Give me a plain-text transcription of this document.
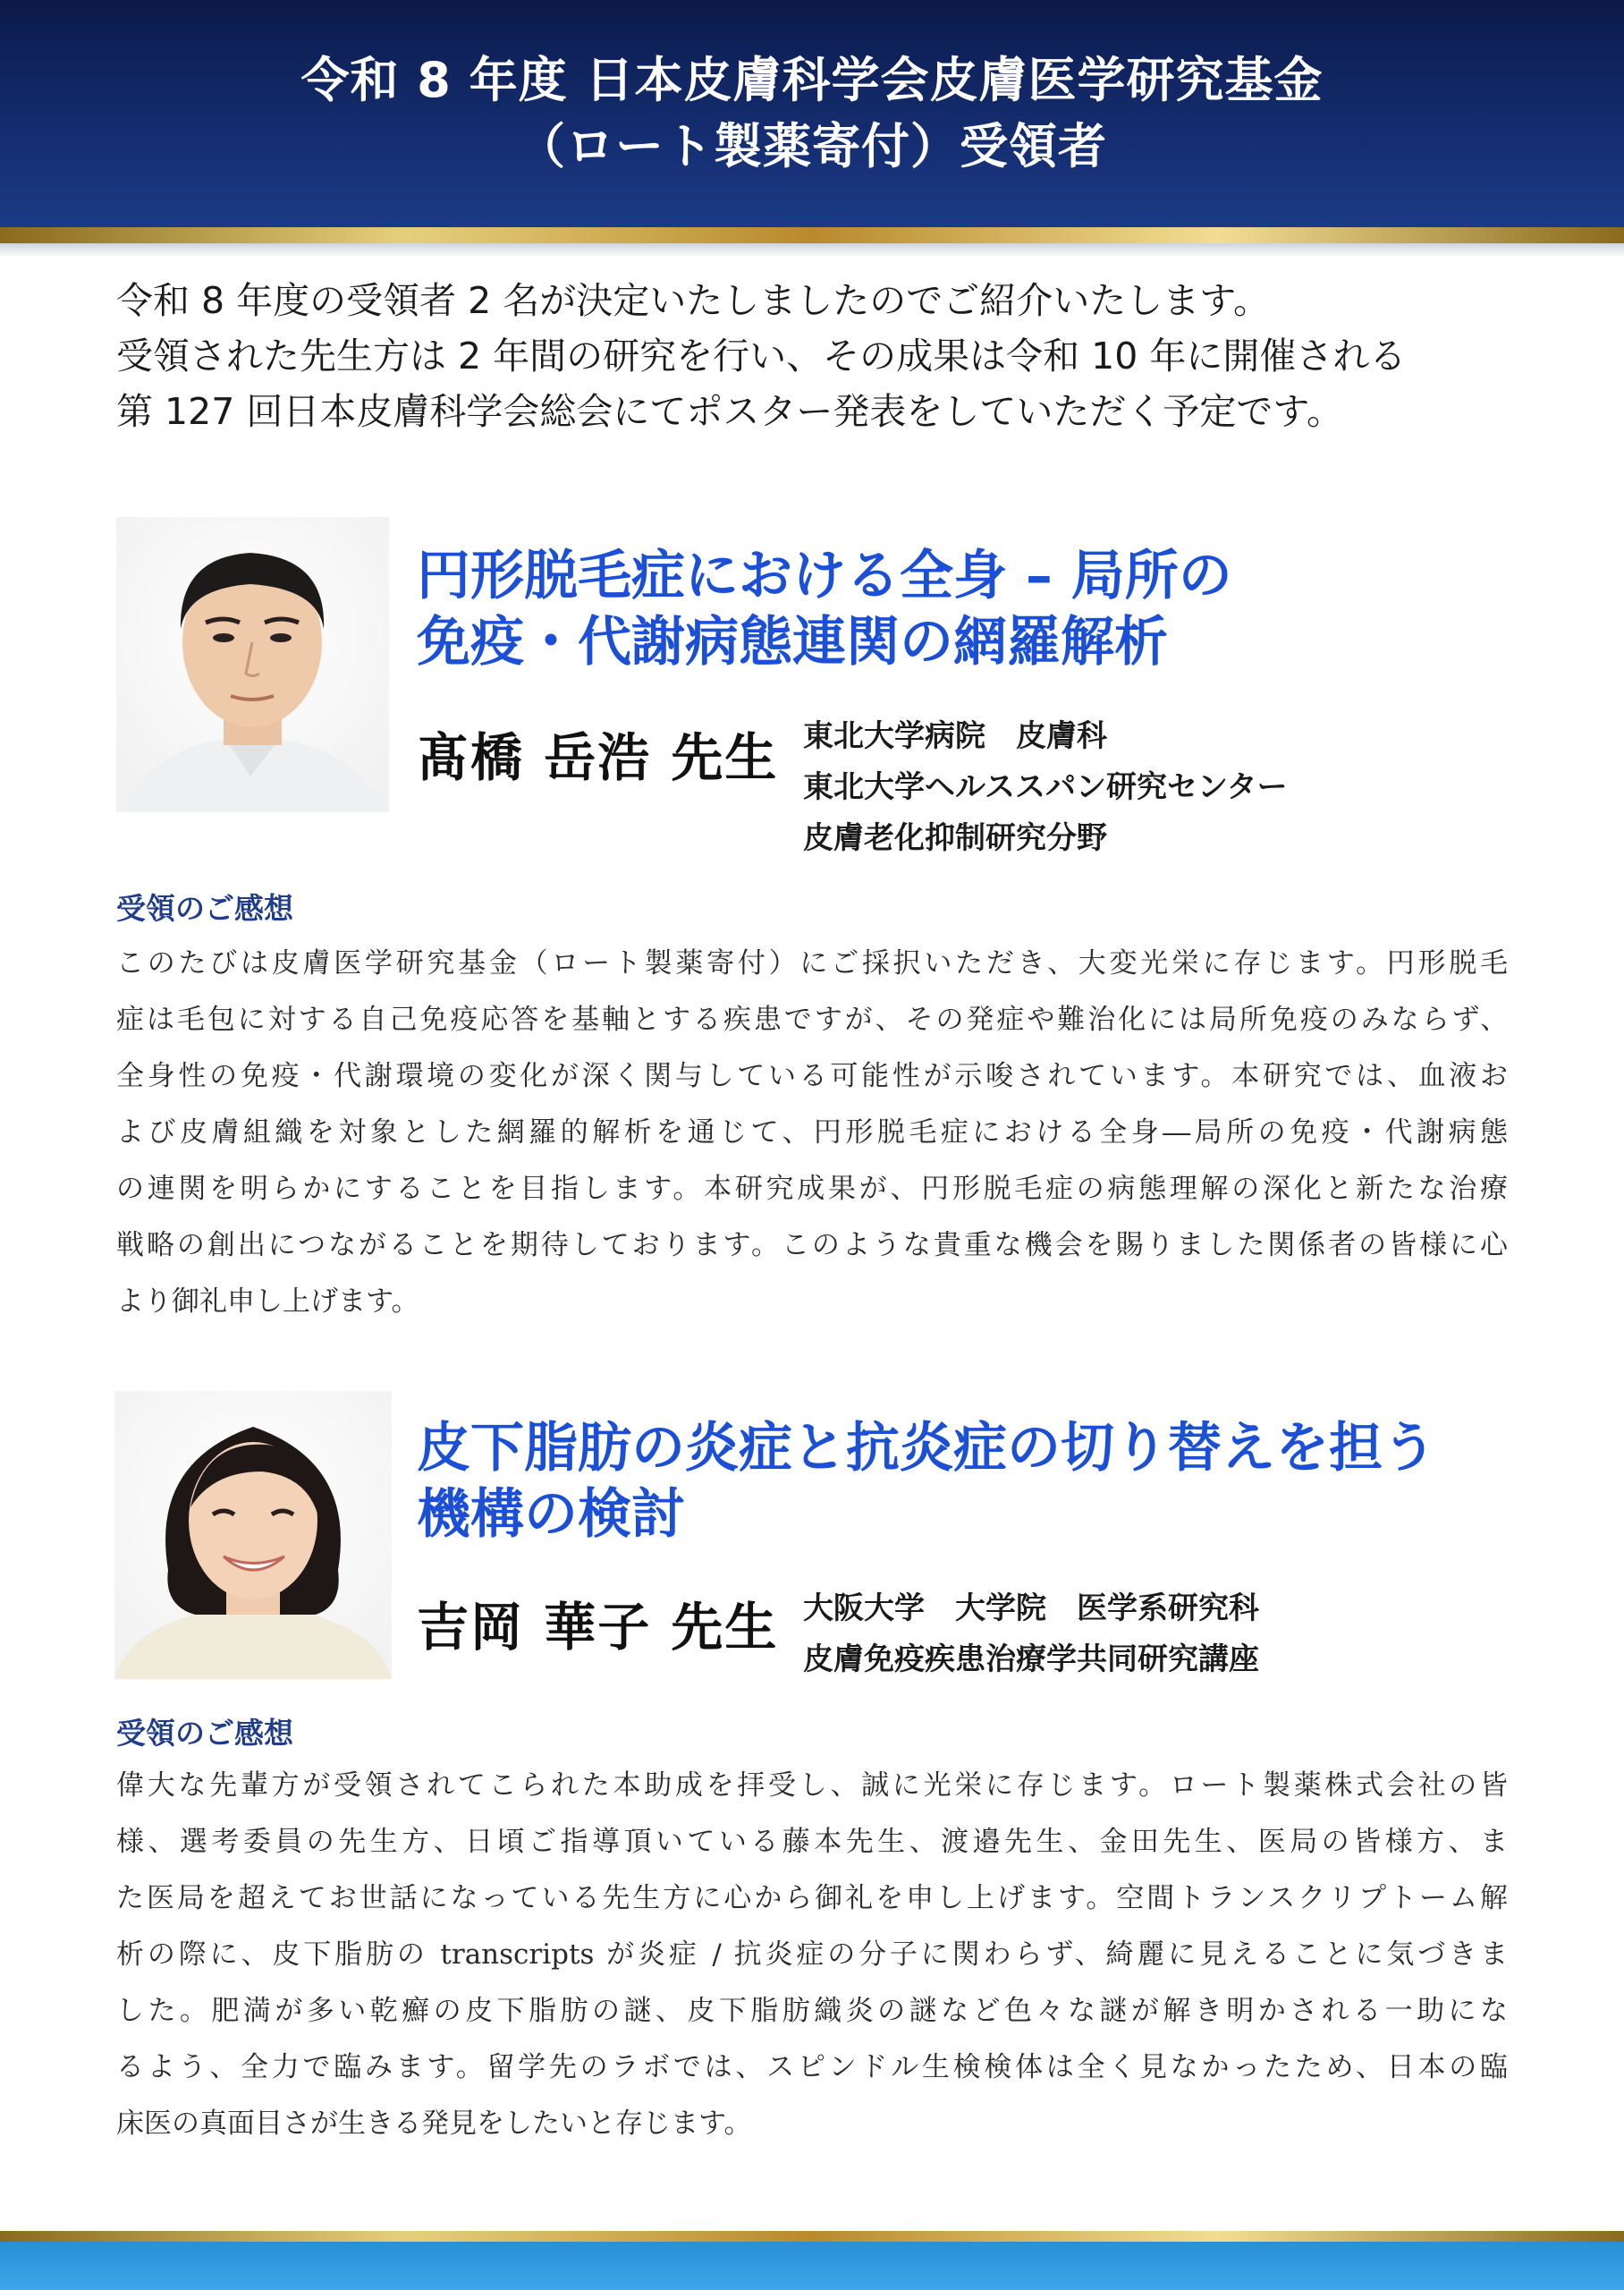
令和 8 年度 日本皮膚科学会皮膚医学研究基金
（ロート製薬寄付）受領者
令和 8 年度の受領者 2 名が決定いたしましたのでご紹介いたします。
受領された先生方は 2 年間の研究を行い、その成果は令和 10 年に開催される
第 127 回日本皮膚科学会総会にてポスター発表をしていただく予定です。
円形脱毛症における全身 – 局所の
免疫・代謝病態連関の網羅解析
髙橋 岳浩 先生 東北大学病院　皮膚科
東北大学ヘルススパン研究センター
皮膚老化抑制研究分野
受領のご感想
このたびは皮膚医学研究基金（ロート製薬寄付）にご採択いただき、大変光栄に存じます。円形脱毛
症は毛包に対する自己免疫応答を基軸とする疾患ですが、その発症や難治化には局所免疫のみならず、
全身性の免疫・代謝環境の変化が深く関与している可能性が示唆されています。本研究では、血液お
よび皮膚組織を対象とした網羅的解析を通じて、円形脱毛症における全身―局所の免疫・代謝病態
の連関を明らかにすることを目指します。本研究成果が、円形脱毛症の病態理解の深化と新たな治療
戦略の創出につながることを期待しております。このような貴重な機会を賜りました関係者の皆様に心
より御礼申し上げます。
皮下脂肪の炎症と抗炎症の切り替えを担う
機構の検討
吉岡 華子 先生 大阪大学　大学院　医学系研究科
皮膚免疫疾患治療学共同研究講座
受領のご感想
偉大な先輩方が受領されてこられた本助成を拝受し、誠に光栄に存じます。ロート製薬株式会社の皆
様、選考委員の先生方、日頃ご指導頂いている藤本先生、渡邉先生、金田先生、医局の皆様方、ま
た医局を超えてお世話になっている先生方に心から御礼を申し上げます。空間トランスクリプトーム解
析の際に、皮下脂肪の transcripts が炎症 / 抗炎症の分子に関わらず、綺麗に見えることに気づきま
した。肥満が多い乾癬の皮下脂肪の謎、皮下脂肪織炎の謎など色々な謎が解き明かされる一助にな
るよう、全力で臨みます。留学先のラボでは、スピンドル生検検体は全く見なかったため、日本の臨
床医の真面目さが生きる発見をしたいと存じます。
